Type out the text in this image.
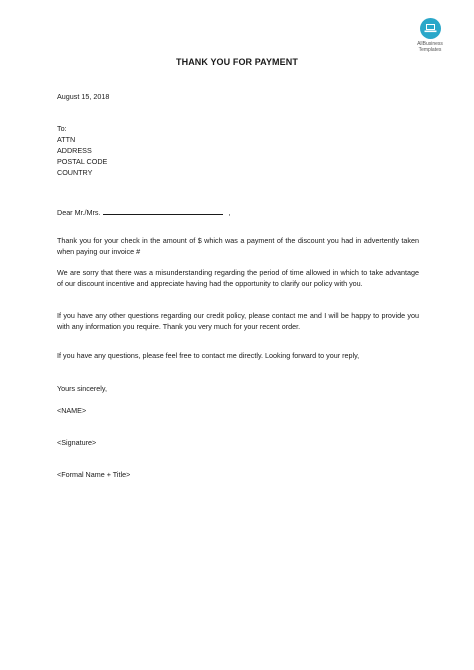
AllBusiness
Templates
THANK YOU FOR PAYMENT
August 15, 2018
To:
ATTN
ADDRESS
POSTAL CODE
COUNTRY
Dear Mr./Mrs.	,
Thank you for your check in the amount of $ which was a payment of the discount you had in advertently taken when paying our invoice #
We are sorry that there was a misunderstanding regarding the period of time allowed in which to take advantage of our discount incentive and appreciate having had the opportunity to clarify our policy with you.
If you have any other questions regarding our credit policy, please contact me and I will be happy to provide you with any information you require. Thank you very much for your recent order.
If you have any questions, please feel free to contact me directly. Looking forward to your reply,
Yours sincerely,
<NAME>
<Signature>
<Formal Name + Title>
